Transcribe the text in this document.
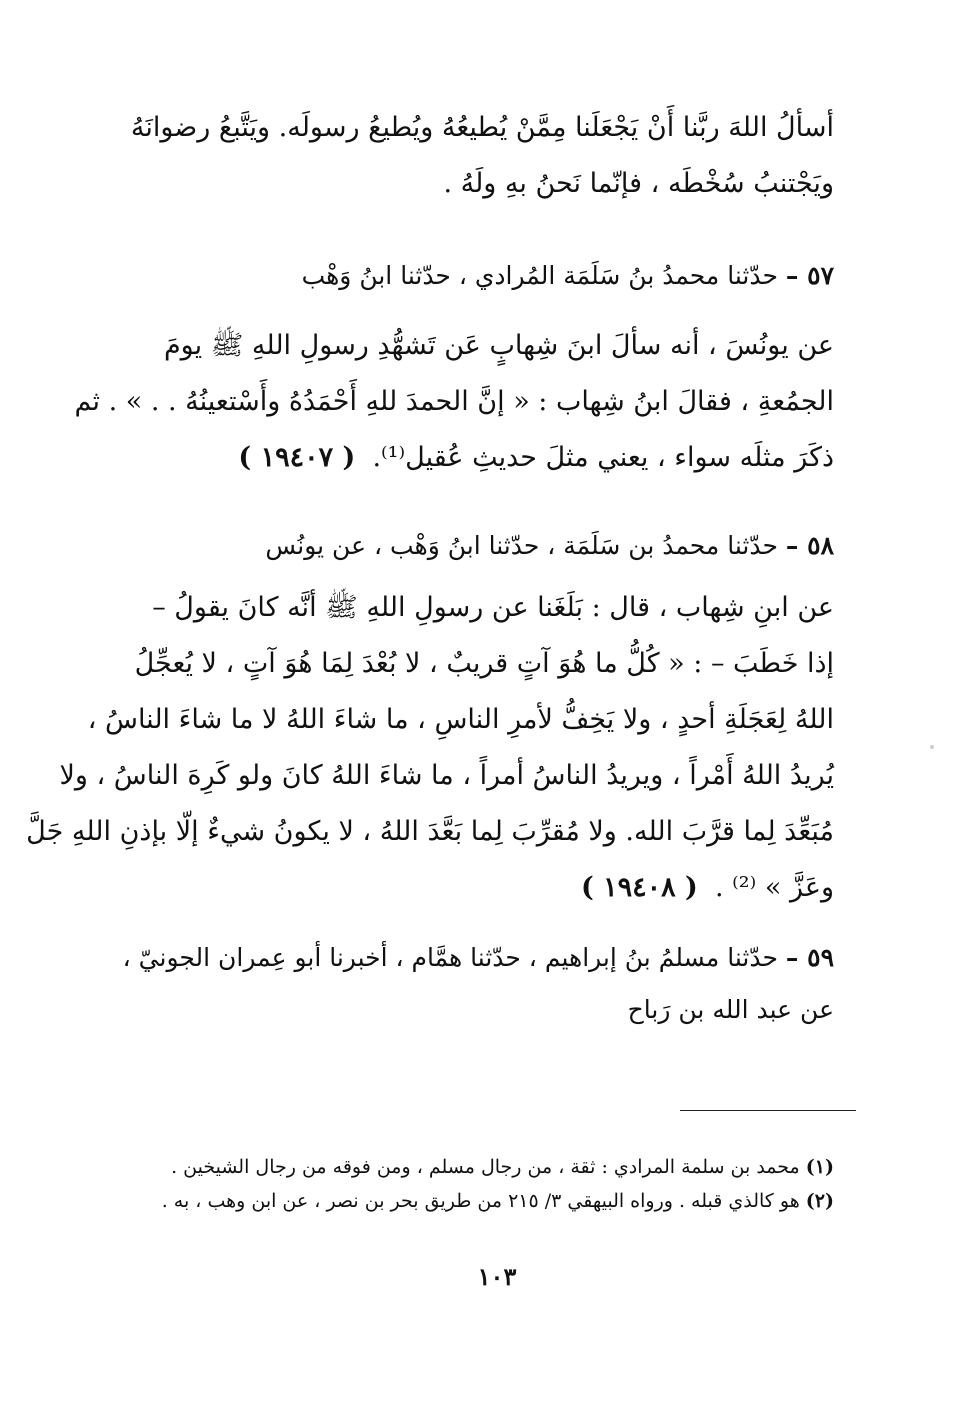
أسألُ اللهَ ربَّنا أَنْ يَجْعَلَنا مِمَّنْ يُطيعُهُ ويُطيعُ رسولَه. ويَتَّبعُ رضوانَهُ
ويَجْتنبُ سُخْطَه ، فإنّما نَحنُ بهِ ولَهُ .
٥٧ – حدّثنا محمدُ بنُ سَلَمَة المُرادي ، حدّثنا ابنُ وَهْب
عن يونُسَ ، أنه سألَ ابنَ شِهابٍ عَن تَشهُّدِ رسولِ اللهِ ﷺ يومَ
الجمُعةِ ، فقالَ ابنُ شِهاب : « إنَّ الحمدَ للهِ أَحْمَدُهُ وأَسْتعينُهُ . . » . ثم
ذكَرَ مثلَه سواء ، يعني مثلَ حديثِ عُقيل⁽¹⁾.  ( ١٩٤٠٧ )
٥٨ – حدّثنا محمدُ بن سَلَمَة ، حدّثنا ابنُ وَهْب ، عن يونُس
عن ابنِ شِهاب ، قال : بَلَغَنا عن رسولِ اللهِ ﷺ أنَّه كانَ يقولُ –
إذا خَطَبَ – : « كُلُّ ما هُوَ آتٍ قريبٌ ، لا بُعْدَ لِمَا هُوَ آتٍ ، لا يُعجِّلُ
اللهُ لِعَجَلَةِ أحدٍ ، ولا يَخِفُّ لأمرِ الناسِ ، ما شاءَ اللهُ لا ما شاءَ الناسُ ،
يُريدُ اللهُ أَمْراً ، ويريدُ الناسُ أمراً ، ما شاءَ اللهُ كانَ ولو كَرِهَ الناسُ ، ولا
مُبَعِّدَ لِما قرَّبَ الله. ولا مُقرِّبَ لِما بَعَّدَ اللهُ ، لا يكونُ شيءٌ إلّا بإذنِ اللهِ جَلَّ
وعَزَّ » ⁽²⁾ .  ( ١٩٤٠٨ )
٥٩ – حدّثنا مسلمُ بنُ إبراهيم ، حدّثنا همَّام ، أخبرنا أبو عِمران الجونيّ ،
عن عبد الله بن رَباح
(١) محمد بن سلمة المرادي : ثقة ، من رجال مسلم ، ومن فوقه من رجال الشيخين .
(٢) هو كالذي قبله . ورواه البيهقي ٣/ ٢١٥ من طريق بحر بن نصر ، عن ابن وهب ، به .
١٠٣
